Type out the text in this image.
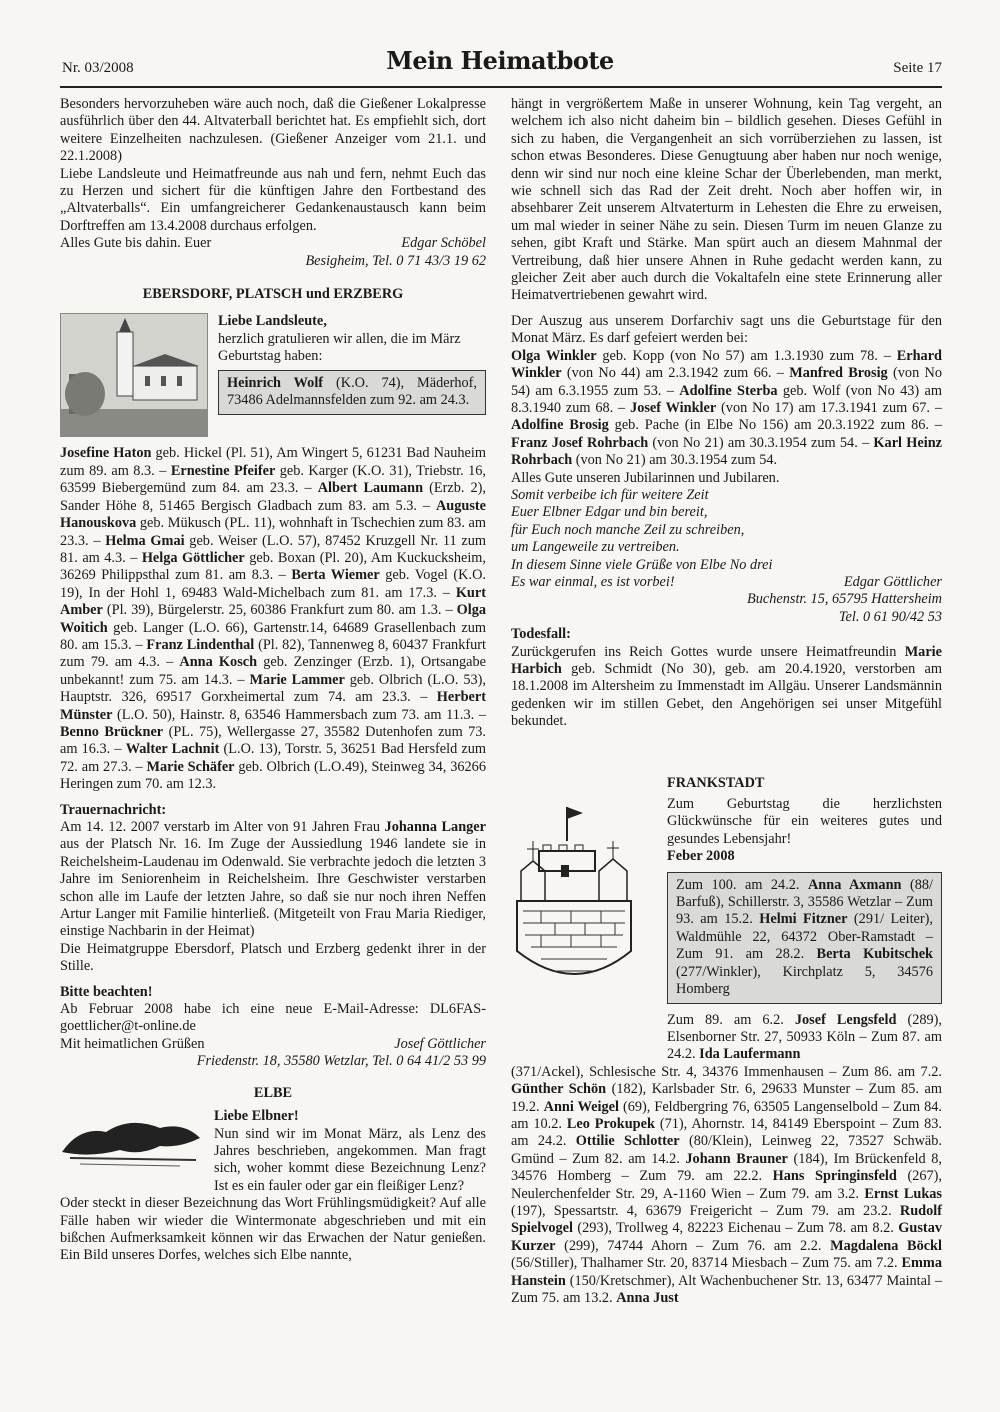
Nr. 03/2008	Mein Heimatbote	Seite 17

Besonders hervorzuheben wäre auch noch, daß die Gießener Lokalpresse ausführlich über den 44. Altvaterball berichtet hat. Es empfiehlt sich, dort weitere Einzelheiten nachzulesen. (Gießener Anzeiger vom 21.1. und 22.1.2008)

Liebe Landsleute und Heimatfreunde aus nah und fern, nehmt Euch das zu Herzen und sichert für die künftigen Jahre den Fortbestand des „Altvaterballs“. Ein umfangreicherer Gedankenaustausch kann beim Dorftreffen am 13.4.2008 durchaus erfolgen.

Alles Gute bis dahin. Euer	Edgar Schöbel

Besigheim, Tel. 0 71 43/3 19 62

EBERSDORF, PLATSCH und ERZBERG

Liebe Landsleute,

herzlich gratulieren wir allen, die im März Geburtstag haben:

Heinrich Wolf (K.O. 74), Mäderhof, 73486 Adelmannsfelden zum 92. am 24.3.

Josefine Haton geb. Hickel (Pl. 51), Am Wingert 5, 61231 Bad Nauheim zum 89. am 8.3. – Ernestine Pfeifer geb. Karger (K.O. 31), Triebstr. 16, 63599 Biebergemünd zum 84. am 23.3. – Albert Laumann (Erzb. 2), Sander Höhe 8, 51465 Bergisch Gladbach zum 83. am 5.3. – Auguste Hanouskova geb. Mükusch (PL. 11), wohnhaft in Tschechien zum 83. am 23.3. – Helma Gmai geb. Weiser (L.O. 57), 87452 Kruzgell Nr. 11 zum 81. am 4.3. – Helga Göttlicher geb. Boxan (Pl. 20), Am Kuckucksheim, 36269 Philippsthal zum 81. am 8.3. – Berta Wiemer geb. Vogel (K.O. 19), In der Hohl 1, 69483 Wald-Michelbach zum 81. am 17.3. – Kurt Amber (Pl. 39), Bürgelerstr. 25, 60386 Frankfurt zum 80. am 1.3. – Olga Woitich geb. Langer (L.O. 66), Gartenstr.14, 64689 Grasellenbach zum 80. am 15.3. – Franz Lindenthal (Pl. 82), Tannenweg 8, 60437 Frankfurt zum 79. am 4.3. – Anna Kosch geb. Zenzinger (Erzb. 1), Ortsangabe unbekannt! zum 75. am 14.3. – Marie Lammer geb. Olbrich (L.O. 53), Hauptstr. 326, 69517 Gorxheimertal zum 74. am 23.3. – Herbert Münster (L.O. 50), Hainstr. 8, 63546 Hammersbach zum 73. am 11.3. – Benno Brückner (PL. 75), Wellergasse 27, 35582 Dutenhofen zum 73. am 16.3. – Walter Lachnit (L.O. 13), Torstr. 5, 36251 Bad Hersfeld zum 72. am 27.3. – Marie Schäfer geb. Olbrich (L.O.49), Steinweg 34, 36266 Heringen zum 70. am 12.3.

Trauernachricht:

Am 14. 12. 2007 verstarb im Alter von 91 Jahren Frau Johanna Langer aus der Platsch Nr. 16. Im Zuge der Aussiedlung 1946 landete sie in Reichelsheim-Laudenau im Odenwald. Sie verbrachte jedoch die letzten 3 Jahre im Seniorenheim in Reichelsheim. Ihre Geschwister verstarben schon alle im Laufe der letzten Jahre, so daß sie nur noch ihren Neffen Artur Langer mit Familie hinterließ. (Mitgeteilt von Frau Maria Riediger, einstige Nachbarin in der Heimat)

Die Heimatgruppe Ebersdorf, Platsch und Erzberg gedenkt ihrer in der Stille.

Bitte beachten!

Ab Februar 2008 habe ich eine neue E-Mail-Adresse: DL6FAS-goettlicher@t-online.de

Mit heimatlichen Grüßen	Josef Göttlicher

Friedenstr. 18, 35580 Wetzlar, Tel. 0 64 41/2 53 99

ELBE

Liebe Elbner!

Nun sind wir im Monat März, als Lenz des Jahres beschrieben, angekommen. Man fragt sich, woher kommt diese Bezeichnung Lenz? Ist es ein fauler oder gar ein fleißiger Lenz?

Oder steckt in dieser Bezeichnung das Wort Frühlingsmüdigkeit? Auf alle Fälle haben wir wieder die Wintermonate abgeschrieben und mit ein bißchen Aufmerksamkeit können wir das Erwachen der Natur genießen. Ein Bild unseres Dorfes, welches sich Elbe nannte,

hängt in vergrößertem Maße in unserer Wohnung, kein Tag vergeht, an welchem ich also nicht daheim bin – bildlich gesehen. Dieses Gefühl in sich zu haben, die Vergangenheit an sich vorrüberziehen zu lassen, ist schon etwas Besonderes. Diese Genugtuung aber haben nur noch wenige, denn wir sind nur noch eine kleine Schar der Überlebenden, man merkt, wie schnell sich das Rad der Zeit dreht. Noch aber hoffen wir, in absehbarer Zeit unserem Altvaterturm in Lehesten die Ehre zu erweisen, um mal wieder in seiner Nähe zu sein. Diesen Turm im neuen Glanze zu sehen, gibt Kraft und Stärke. Man spürt auch an diesem Mahnmal der Vertreibung, daß hier unsere Ahnen in Ruhe gedacht werden kann, zu gleicher Zeit aber auch durch die Vokaltafeln eine stete Erinnerung aller Heimatvertriebenen gewahrt wird.

Der Auszug aus unserem Dorfarchiv sagt uns die Geburtstage für den Monat März. Es darf gefeiert werden bei:

Olga Winkler geb. Kopp (von No 57) am 1.3.1930 zum 78. – Erhard Winkler (von No 44) am 2.3.1942 zum 66. – Manfred Brosig (von No 54) am 6.3.1955 zum 53. – Adolfine Sterba geb. Wolf (von No 43) am 8.3.1940 zum 68. – Josef Winkler (von No 17) am 17.3.1941 zum 67. – Adolfine Brosig geb. Pache (in Elbe No 156) am 20.3.1922 zum 86. – Franz Josef Rohrbach (von No 21) am 30.3.1954 zum 54. – Karl Heinz Rohrbach (von No 21) am 30.3.1954 zum 54.

Alles Gute unseren Jubilarinnen und Jubilaren.

Somit verbeibe ich für weitere Zeit

Euer Elbner Edgar und bin bereit,

für Euch noch manche Zeil zu schreiben,

um Langeweile zu vertreiben.

In diesem Sinne viele Grüße von Elbe No drei

Es war einmal, es ist vorbei!	Edgar Göttlicher

Buchenstr. 15, 65795 Hattersheim

Tel. 0 61 90/42 53

Todesfall:

Zurückgerufen ins Reich Gottes wurde unsere Heimatfreundin Marie Harbich geb. Schmidt (No 30), geb. am 20.4.1920, verstorben am 18.1.2008 im Altersheim zu Immenstadt im Allgäu. Unserer Landsmännin gedenken wir im stillen Gebet, den Angehörigen sei unser Mitgefühl bekundet.

FRANKSTADT

Zum Geburtstag die herzlichsten Glückwünsche für ein weiteres gutes und gesundes Lebensjahr!

Feber 2008

Zum 100. am 24.2. Anna Axmann (88/ Barfuß), Schillerstr. 3, 35586 Wetzlar – Zum 93. am 15.2. Helmi Fitzner (291/ Leiter), Waldmühle 22, 64372 Ober-Ramstadt – Zum 91. am 28.2. Berta Kubitschek (277/Winkler), Kirchplatz 5, 34576 Homberg

Zum 89. am 6.2. Josef Lengsfeld (289), Elsenborner Str. 27, 50933 Köln – Zum 87. am 24.2. Ida Laufermann

(371/Ackel), Schlesische Str. 4, 34376 Immenhausen – Zum 86. am 7.2. Günther Schön (182), Karlsbader Str. 6, 29633 Munster – Zum 85. am 19.2. Anni Weigel (69), Feldbergring 76, 63505 Langenselbold – Zum 84. am 10.2. Leo Prokupek (71), Ahornstr. 14, 84149 Eberspoint – Zum 83. am 24.2. Ottilie Schlotter (80/Klein), Leinweg 22, 73527 Schwäb. Gmünd – Zum 82. am 14.2. Johann Brauner (184), Im Brückenfeld 8, 34576 Homberg – Zum 79. am 22.2. Hans Springinsfeld (267), Neulerchenfelder Str. 29, A-1160 Wien – Zum 79. am 3.2. Ernst Lukas (197), Spessartstr. 4, 63679 Freigericht – Zum 79. am 23.2. Rudolf Spielvogel (293), Trollweg 4, 82223 Eichenau – Zum 78. am 8.2. Gustav Kurzer (299), 74744 Ahorn – Zum 76. am 2.2. Magdalena Böckl (56/Stiller), Thalhamer Str. 20, 83714 Miesbach – Zum 75. am 7.2. Emma Hanstein (150/Kretschmer), Alt Wachenbuchener Str. 13, 63477 Maintal – Zum 75. am 13.2. Anna Just
